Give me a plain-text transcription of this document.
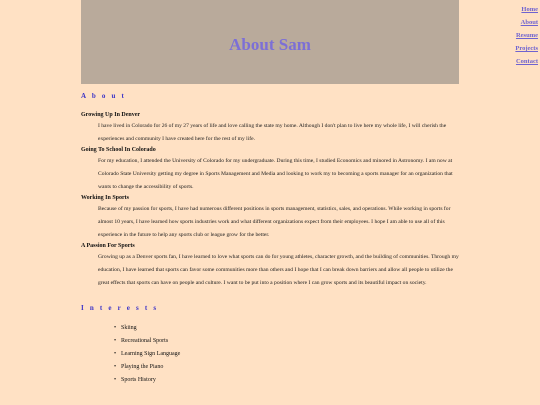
About Sam
Home
About
Resume
Projects
Contact
A b o u t
Growing Up In Denver

I have lived in Colorado for 26 of my 27 years of life and love calling the state my home. Although I don't plan to live here my whole life, I will cherish the experiences and community I have created here for the rest of my life.

Going To School In Colorado

For my education, I attended the University of Colorado for my undergraduate. During this time, I studied Economics and minored in Astronomy. I am now at Colorado State University getting my degree in Sports Management and Media and looking to work my to becoming a sports manager for an organization that wants to change the accessibility of sports.

Working In Sports

Because of my passion for sports, I have had numerous different positions in sports management, statistics, sales, and operations. While working in sports for almost 10 years, I have learned how sports industries work and what different organizations expect from their employees. I hope I am able to use all of this experience in the future to help any sports club or league grow for the better.

A Passion For Sports

Growing up as a Denver sports fan, I have learned to love what sports can do for young athletes, character growth, and the building of communities. Through my education, I have learned that sports can favor some communities more than others and I hope that I can break down barriers and allow all people to utilize the great effects that sports can have on people and culture. I want to be put into a position where I can grow sports and its beautiful impact on society.

I n t e r e s t s
• Skiing
• Recreational Sports
• Learning Sign Language
• Playing the Piano
• Sports History
